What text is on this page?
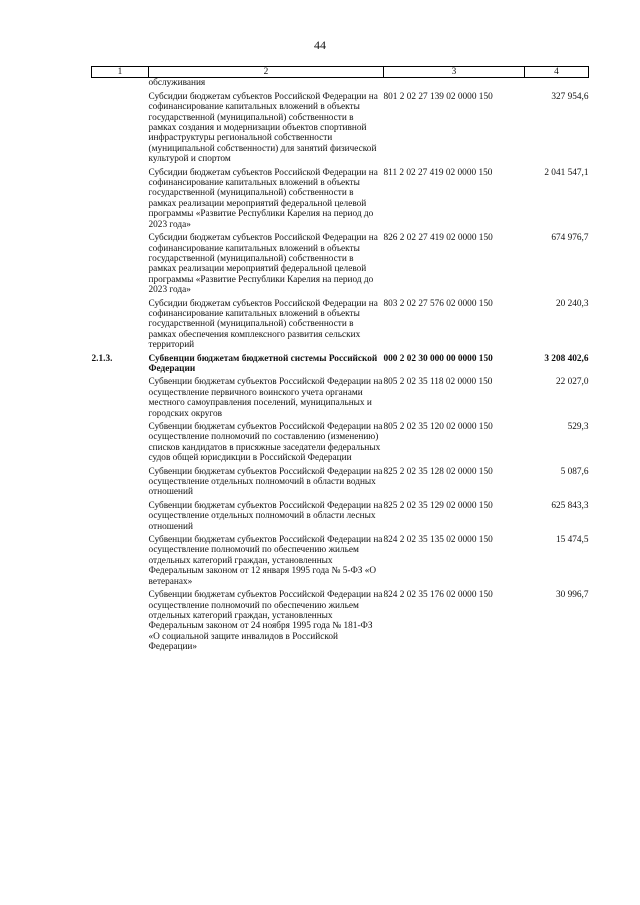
44
1	2	3	4
	обслуживания		
	Субсидии бюджетам субъектов Российской Федерации на софинансирование капитальных вложений в объекты государственной (муниципальной) собственности в рамках создания и модернизации объектов спортивной инфраструктуры региональной собственности (муниципальной собственности) для занятий физической культурой и спортом	801 2 02 27 139 02 0000 150	327 954,6
	Субсидии бюджетам субъектов Российской Федерации на софинансирование капитальных вложений в объекты государственной (муниципальной) собственности в рамках реализации мероприятий федеральной целевой программы «Развитие Республики Карелия на период до 2023 года»	811 2 02 27 419 02 0000 150	2 041 547,1
	Субсидии бюджетам субъектов Российской Федерации на софинансирование капитальных вложений в объекты государственной (муниципальной) собственности в рамках реализации мероприятий федеральной целевой программы «Развитие Республики Карелия на период до 2023 года»	826 2 02 27 419 02 0000 150	674 976,7
	Субсидии бюджетам субъектов Российской Федерации на софинансирование капитальных вложений в объекты государственной (муниципальной) собственности в рамках обеспечения комплексного развития сельских территорий	803 2 02 27 576 02 0000 150	20 240,3
2.1.3.	Субвенции бюджетам бюджетной системы Российской Федерации	000 2 02 30 000 00 0000 150	3 208 402,6
	Субвенции бюджетам субъектов Российской Федерации на осуществление первичного воинского учета органами местного самоуправления поселений, муниципальных и городских округов	805 2 02 35 118 02 0000 150	22 027,0
	Субвенции бюджетам субъектов Российской Федерации на осуществление полномочий по составлению (изменению) списков кандидатов в присяжные заседатели федеральных судов общей юрисдикции в Российской Федерации	805 2 02 35 120 02 0000 150	529,3
	Субвенции бюджетам субъектов Российской Федерации на осуществление отдельных полномочий в области водных отношений	825 2 02 35 128 02 0000 150	5 087,6
	Субвенции бюджетам субъектов Российской Федерации на осуществление отдельных полномочий в области лесных отношений	825 2 02 35 129 02 0000 150	625 843,3
	Субвенции бюджетам субъектов Российской Федерации на осуществление полномочий по обеспечению жильем отдельных категорий граждан, установленных Федеральным законом от 12 января 1995 года № 5-ФЗ «О ветеранах»	824 2 02 35 135 02 0000 150	15 474,5
	Субвенции бюджетам субъектов Российской Федерации на осуществление полномочий по обеспечению жильем отдельных категорий граждан, установленных Федеральным законом от 24 ноября 1995 года № 181-ФЗ «О социальной защите инвалидов в Российской Федерации»	824 2 02 35 176 02 0000 150	30 996,7
